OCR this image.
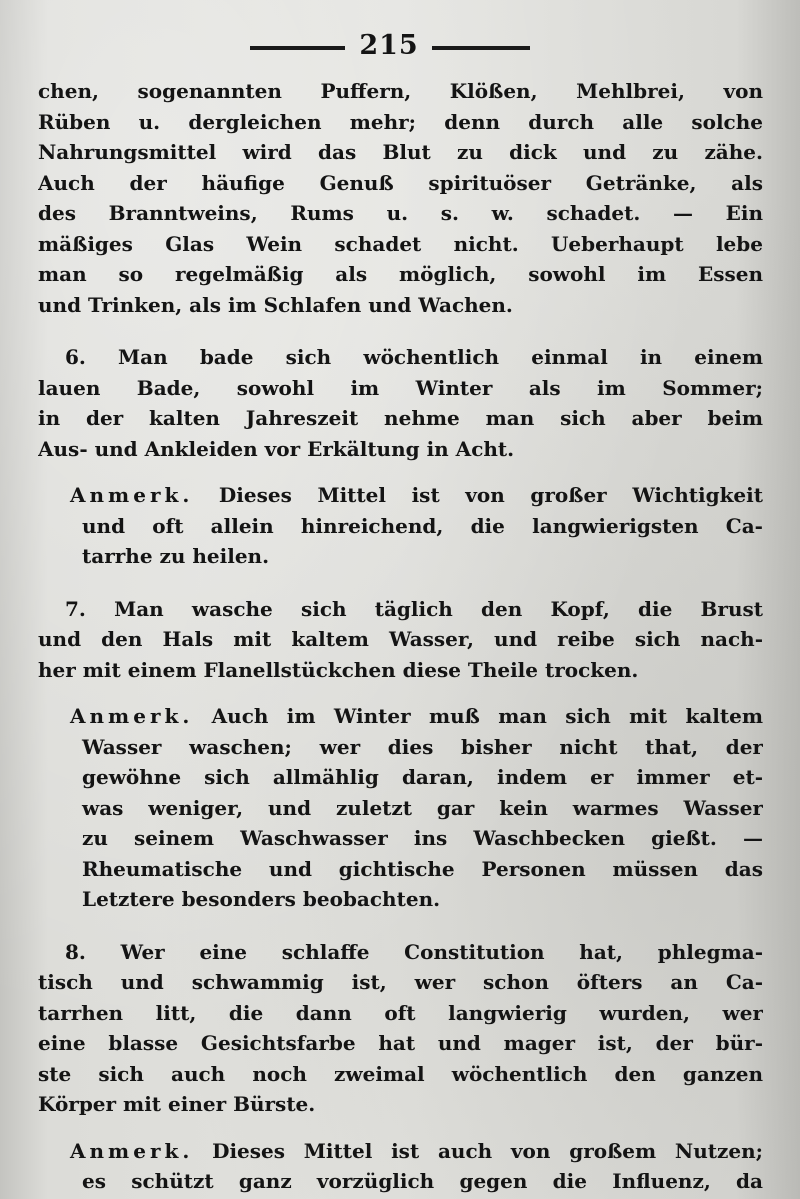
215
chen, sogenannten Puffern, Klößen, Mehlbrei, von
Rüben u. dergleichen mehr; denn durch alle solche
Nahrungsmittel wird das Blut zu dick und zu zähe.
Auch der häufige Genuß spirituöser Getränke, als
des Branntweins, Rums u. s. w. schadet. — Ein
mäßiges Glas Wein schadet nicht. Ueberhaupt lebe
man so regelmäßig als möglich, sowohl im Essen
und Trinken, als im Schlafen und Wachen.
6. Man bade sich wöchentlich einmal in einem
lauen Bade, sowohl im Winter als im Sommer;
in der kalten Jahreszeit nehme man sich aber beim
Aus- und Ankleiden vor Erkältung in Acht.
Anmerk. Dieses Mittel ist von großer Wichtigkeit
und oft allein hinreichend, die langwierigsten Ca-
tarrhe zu heilen.
7. Man wasche sich täglich den Kopf, die Brust
und den Hals mit kaltem Wasser, und reibe sich nach-
her mit einem Flanellstückchen diese Theile trocken.
Anmerk. Auch im Winter muß man sich mit kaltem
Wasser waschen; wer dies bisher nicht that, der
gewöhne sich allmählig daran, indem er immer et-
was weniger, und zuletzt gar kein warmes Wasser
zu seinem Waschwasser ins Waschbecken gießt. —
Rheumatische und gichtische Personen müssen das
Letztere besonders beobachten.
8. Wer eine schlaffe Constitution hat, phlegma-
tisch und schwammig ist, wer schon öfters an Ca-
tarrhen litt, die dann oft langwierig wurden, wer
eine blasse Gesichtsfarbe hat und mager ist, der bür-
ste sich auch noch zweimal wöchentlich den ganzen
Körper mit einer Bürste.
Anmerk. Dieses Mittel ist auch von großem Nutzen;
es schützt ganz vorzüglich gegen die Influenz, da
